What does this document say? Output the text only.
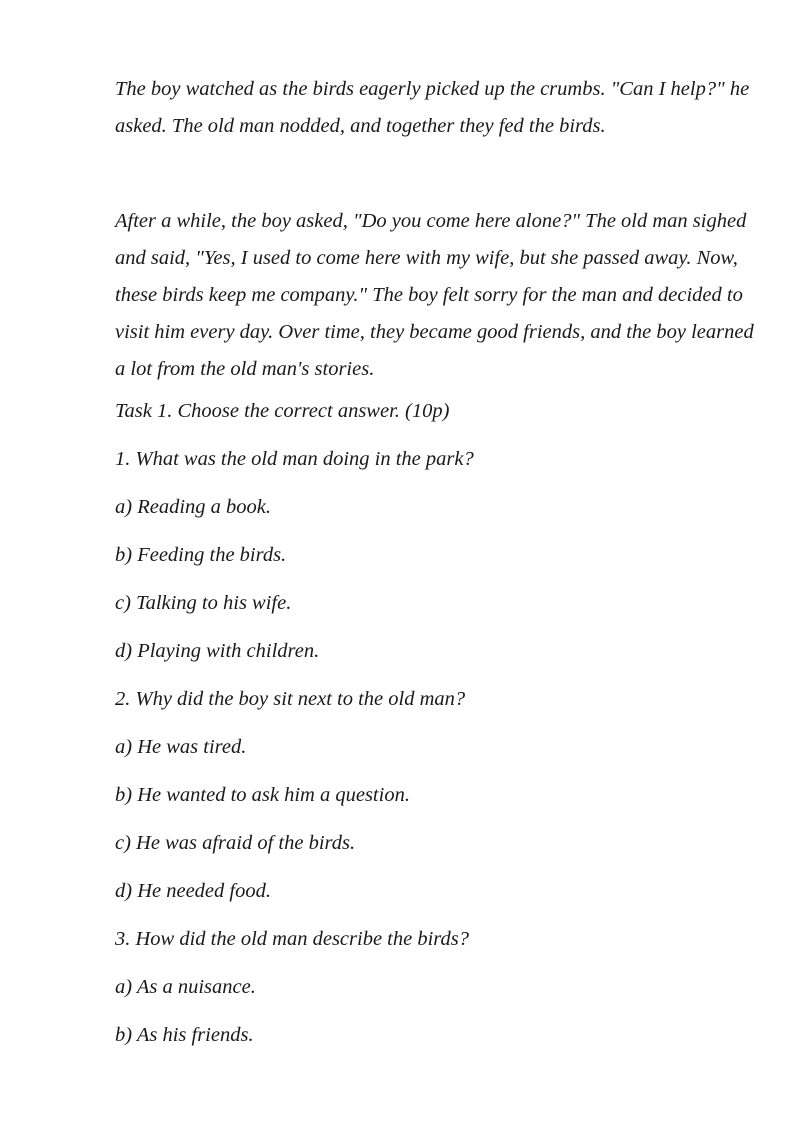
The boy watched as the birds eagerly picked up the crumbs. "Can I help?" he asked. The old man nodded, and together they fed the birds.

After a while, the boy asked, "Do you come here alone?" The old man sighed and said, "Yes, I used to come here with my wife, but she passed away. Now, these birds keep me company." The boy felt sorry for the man and decided to visit him every day. Over time, they became good friends, and the boy learned a lot from the old man's stories.

Task 1. Choose the correct answer. (10p)

1. What was the old man doing in the park?

a) Reading a book.

b) Feeding the birds.

c) Talking to his wife.

d) Playing with children.

2. Why did the boy sit next to the old man?

a) He was tired.

b) He wanted to ask him a question.

c) He was afraid of the birds.

d) He needed food.

3. How did the old man describe the birds?

a) As a nuisance.

b) As his friends.
